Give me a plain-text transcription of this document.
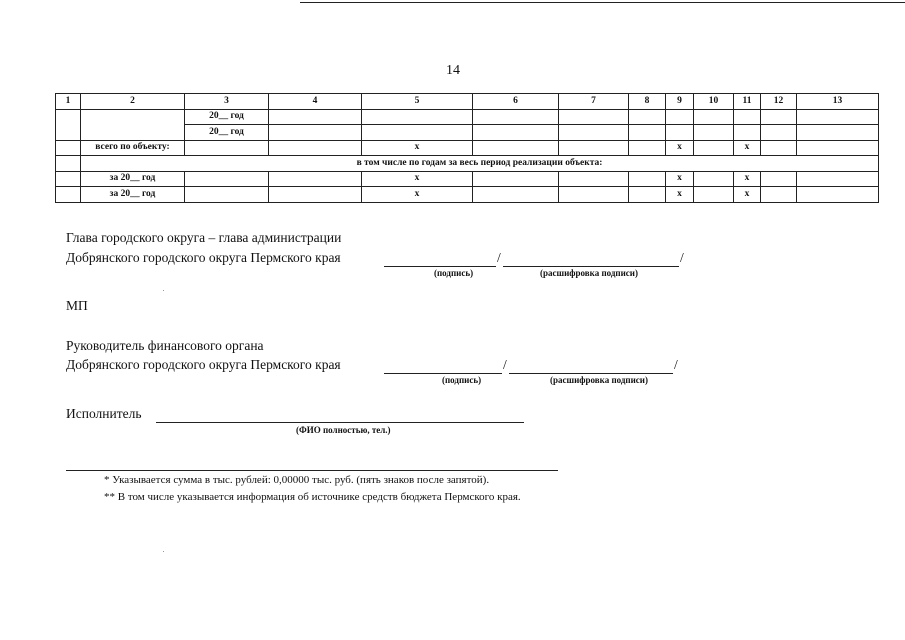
14
1	2	3	4	5	6	7	8	9	10	11	12	13
		20__ год										
		20__ год										
	всего по объекту:			х				х		х		
	в том числе по годам за весь период реализации объекта:											
	за 20__ год			х				х		х		
	за 20__ год			х				х		х		
Глава городского округа – глава администрации
Добрянского городского округа Пермского края	/	/
(подпись)	(расшифровка подписи)
МП
Руководитель финансового органа
Добрянского городского округа Пермского края	/	/
(подпись)	(расшифровка подписи)
Исполнитель
(ФИО полностью, тел.)
* Указывается сумма в тыс. рублей: 0,00000 тыс. руб. (пять знаков после запятой).
** В том числе указывается информация об источнике средств бюджета Пермского края.
